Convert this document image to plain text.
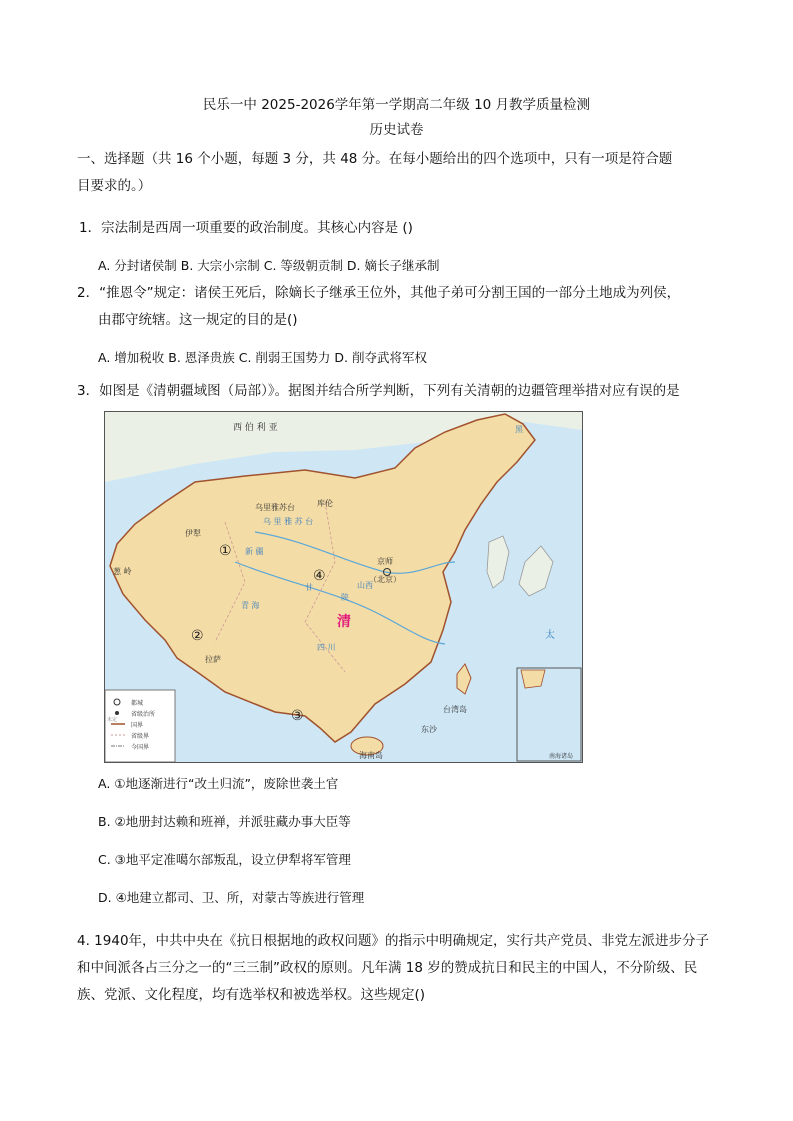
民乐一中 2025-2026学年第一学期高二年级 10 月教学质量检测
历史试卷
一、选择题（共 16 个小题，每题 3 分，共 48 分。在每小题给出的四个选项中，只有一项是符合题
目要求的。）
1．宗法制是西周一项重要的政治制度。其核心内容是 ()
A. 分封诸侯制 B. 大宗小宗制 C. 等级朝贡制 D. 嫡长子继承制
2．“推恩令”规定：诸侯王死后，除嫡长子继承王位外，其他子弟可分割王国的一部分土地成为列侯，
由郡守统辖。这一规定的目的是()
A. 增加税收 B. 恩泽贵族 C. 削弱王国势力 D. 削夺武将军权
3．如图是《清朝疆域图（局部）》。据图并结合所学判断，下列有关清朝的边疆管理举措对应有误的是
西 伯 利 亚
乌里雅苏台	库伦
乌 里 雅 苏 台
伊犁
葱 岭
拉萨
京师
（北京）
清
台湾岛
东沙
海南岛
四 川
青 海
新 疆
甘
陕
山西
太
黑
南海诸岛
①
②
③
④
都城
省级治所
国界
省级界
今国界
未定
A. ①地逐渐进行“改土归流”，废除世袭土官
B. ②地册封达赖和班禅，并派驻藏办事大臣等
C. ③地平定准噶尔部叛乱，设立伊犁将军管理
D. ④地建立都司、卫、所，对蒙古等族进行管理
4. 1940年，中共中央在《抗日根据地的政权问题》的指示中明确规定，实行共产党员、非党左派进步分子
和中间派各占三分之一的“三三制”政权的原则。凡年满 18 岁的赞成抗日和民主的中国人，不分阶级、民
族、党派、文化程度，均有选举权和被选举权。这些规定()
